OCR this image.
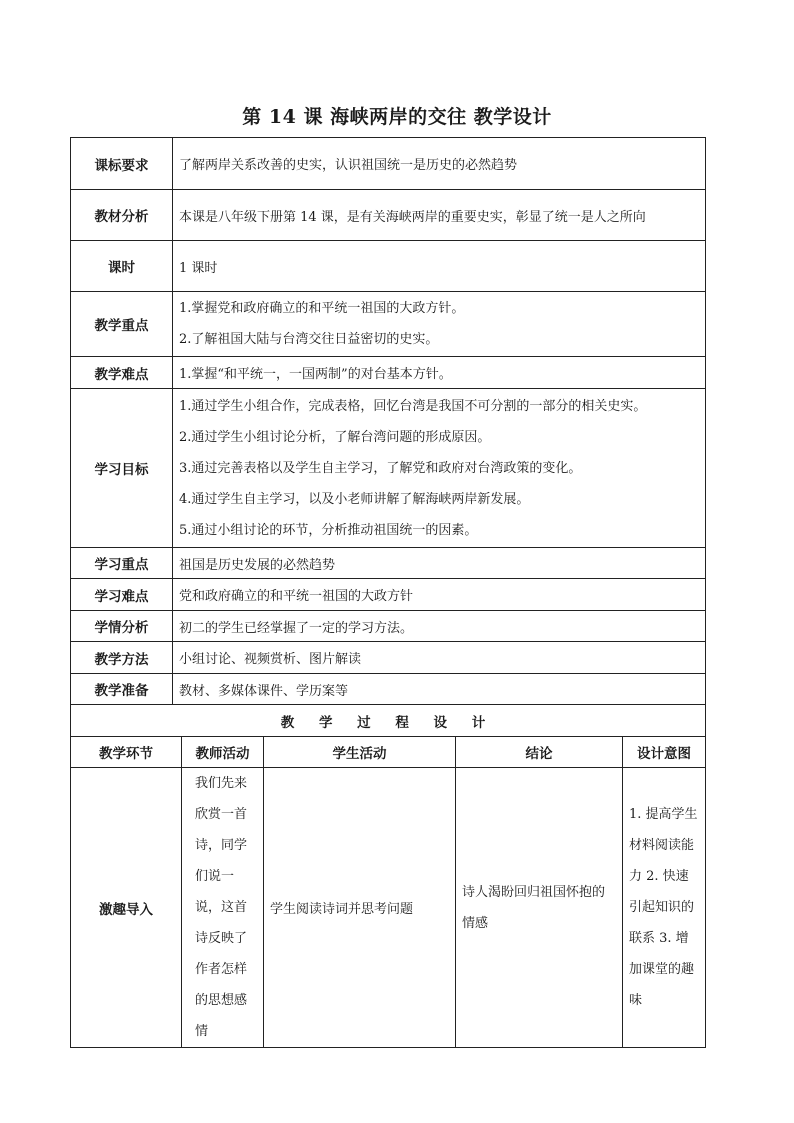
第 14 课 海峡两岸的交往 教学设计
课标要求	了解两岸关系改善的史实，认识祖国统一是历史的必然趋势				
教材分析	本课是八年级下册第 14 课，是有关海峡两岸的重要史实，彰显了统一是人之所向				
课时	1 课时				
教学重点	1.掌握党和政府确立的和平统一祖国的大政方针。
2.了解祖国大陆与台湾交往日益密切的史实。				

教学难点	1.掌握“和平统一，一国两制”的对台基本方针。				
学习目标	1.通过学生小组合作，完成表格，回忆台湾是我国不可分割的一部分的相关史实。
2.通过学生小组讨论分析，了解台湾问题的形成原因。
3.通过完善表格以及学生自主学习，了解党和政府对台湾政策的变化。
4.通过学生自主学习，以及小老师讲解了解海峡两岸新发展。
5.通过小组讨论的环节，分析推动祖国统一的因素。				

学习重点	祖国是历史发展的必然趋势				
学习难点	党和政府确立的和平统一祖国的大政方针				
学情分析	初二的学生已经掌握了一定的学习方法。				
教学方法	小组讨论、视频赏析、图片解读				
教学准备	教材、多媒体课件、学历案等				
教 学 过 程 设 计					
教学环节		教师活动	学生活动	结论	设计意图
激趣导入		我们先来欣赏一首诗，同学们说一说，这首诗反映了作者怎样的思想感情	学生阅读诗词并思考问题	诗人渴盼回归祖国怀抱的情感	1. 提高学生材料阅读能力 2. 快速引起知识的联系 3. 增加课堂的趣味
